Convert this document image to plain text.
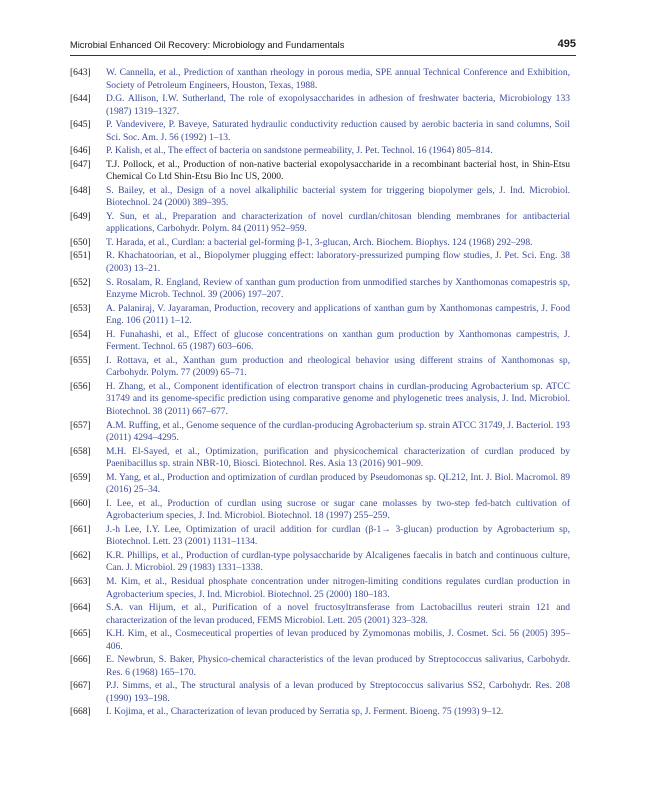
Microbial Enhanced Oil Recovery: Microbiology and Fundamentals	495
[643]	W. Cannella, et al., Prediction of xanthan rheology in porous media, SPE annual Technical Conference and Exhibition, Society of Petroleum Engineers, Houston, Texas, 1988.
[644]	D.G. Allison, I.W. Sutherland, The role of exopolysaccharides in adhesion of freshwater bacteria, Microbiology 133 (1987) 1319–1327.
[645]	P. Vandevivere, P. Baveye, Saturated hydraulic conductivity reduction caused by aerobic bacteria in sand columns, Soil Sci. Soc. Am. J. 56 (1992) 1–13.
[646]	P. Kalish, et al., The effect of bacteria on sandstone permeability, J. Pet. Technol. 16 (1964) 805–814.
[647]	T.J. Pollock, et al., Production of non-native bacterial exopolysaccharide in a recombinant bacterial host, in Shin-Etsu Chemical Co Ltd Shin-Etsu Bio Inc US, 2000.
[648]	S. Bailey, et al., Design of a novel alkaliphilic bacterial system for triggering biopolymer gels, J. Ind. Microbiol. Biotechnol. 24 (2000) 389–395.
[649]	Y. Sun, et al., Preparation and characterization of novel curdlan/chitosan blending membranes for antibacterial applications, Carbohydr. Polym. 84 (2011) 952–959.
[650]	T. Harada, et al., Curdlan: a bacterial gel-forming β-1, 3-glucan, Arch. Biochem. Biophys. 124 (1968) 292–298.
[651]	R. Khachatoorian, et al., Biopolymer plugging effect: laboratory-pressurized pumping flow studies, J. Pet. Sci. Eng. 38 (2003) 13–21.
[652]	S. Rosalam, R. England, Review of xanthan gum production from unmodified starches by Xanthomonas comapestris sp, Enzyme Microb. Technol. 39 (2006) 197–207.
[653]	A. Palaniraj, V. Jayaraman, Production, recovery and applications of xanthan gum by Xanthomonas campestris, J. Food Eng. 106 (2011) 1–12.
[654]	H. Funahashi, et al., Effect of glucose concentrations on xanthan gum production by Xanthomonas campestris, J. Ferment. Technol. 65 (1987) 603–606.
[655]	I. Rottava, et al., Xanthan gum production and rheological behavior using different strains of Xanthomonas sp, Carbohydr. Polym. 77 (2009) 65–71.
[656]	H. Zhang, et al., Component identification of electron transport chains in curdlan-producing Agrobacterium sp. ATCC 31749 and its genome-specific prediction using comparative genome and phylogenetic trees analysis, J. Ind. Microbiol. Biotechnol. 38 (2011) 667–677.
[657]	A.M. Ruffing, et al., Genome sequence of the curdlan-producing Agrobacterium sp. strain ATCC 31749, J. Bacteriol. 193 (2011) 4294–4295.
[658]	M.H. El-Sayed, et al., Optimization, purification and physicochemical characterization of curdlan produced by Paenibacillus sp. strain NBR-10, Biosci. Biotechnol. Res. Asia 13 (2016) 901–909.
[659]	M. Yang, et al., Production and optimization of curdlan produced by Pseudomonas sp. QL212, Int. J. Biol. Macromol. 89 (2016) 25–34.
[660]	I. Lee, et al., Production of curdlan using sucrose or sugar cane molasses by two-step fed-batch cultivation of Agrobacterium species, J. Ind. Microbiol. Biotechnol. 18 (1997) 255–259.
[661]	J.-h Lee, I.Y. Lee, Optimization of uracil addition for curdlan (β-1→ 3-glucan) production by Agrobacterium sp, Biotechnol. Lett. 23 (2001) 1131–1134.
[662]	K.R. Phillips, et al., Production of curdlan-type polysaccharide by Alcaligenes faecalis in batch and continuous culture, Can. J. Microbiol. 29 (1983) 1331–1338.
[663]	M. Kim, et al., Residual phosphate concentration under nitrogen-limiting conditions regulates curdlan production in Agrobacterium species, J. Ind. Microbiol. Biotechnol. 25 (2000) 180–183.
[664]	S.A. van Hijum, et al., Purification of a novel fructosyltransferase from Lactobacillus reuteri strain 121 and characterization of the levan produced, FEMS Microbiol. Lett. 205 (2001) 323–328.
[665]	K.H. Kim, et al., Cosmeceutical properties of levan produced by Zymomonas mobilis, J. Cosmet. Sci. 56 (2005) 395–406.
[666]	E. Newbrun, S. Baker, Physico-chemical characteristics of the levan produced by Streptococcus salivarius, Carbohydr. Res. 6 (1968) 165–170.
[667]	P.J. Simms, et al., The structural analysis of a levan produced by Streptococcus salivarius SS2, Carbohydr. Res. 208 (1990) 193–198.
[668]	I. Kojima, et al., Characterization of levan produced by Serratia sp, J. Ferment. Bioeng. 75 (1993) 9–12.
